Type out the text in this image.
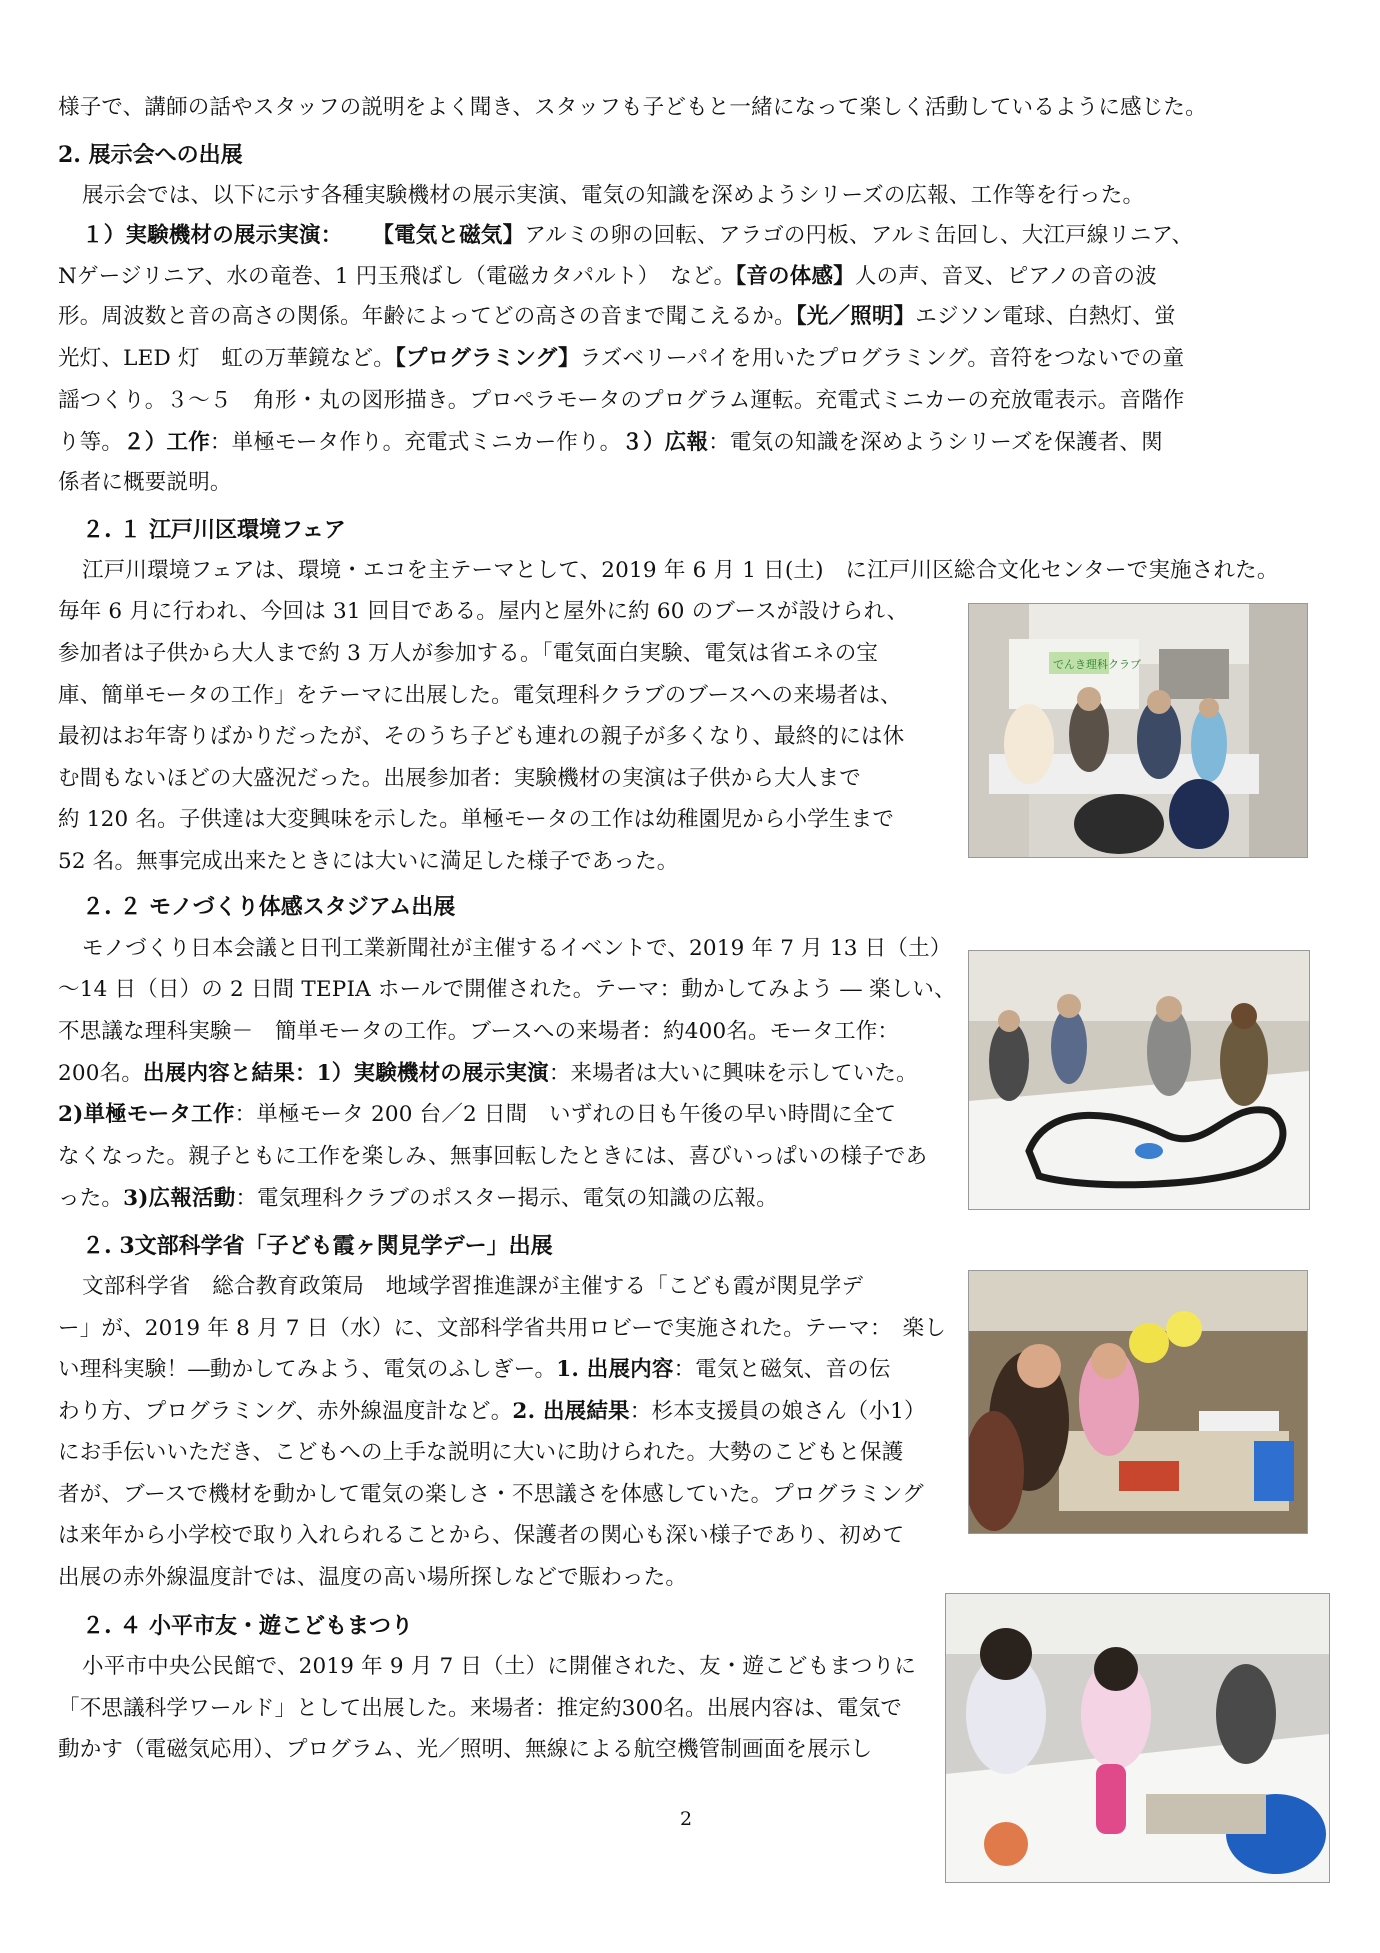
様子で、講師の話やスタッフの説明をよく聞き、スタッフも子どもと一緒になって楽しく活動しているように感じた。
2. 展示会への出展
展示会では、以下に示す各種実験機材の展示実演、電気の知識を深めようシリーズの広報、工作等を行った。
１）実験機材の展示実演： 【電気と磁気】アルミの卵の回転、アラゴの円板、アルミ缶回し、大江戸線リニア、
Nゲージリニア、水の竜巻、1 円玉飛ばし（電磁カタパルト）　など。【音の体感】人の声、音叉、ピアノの音の波
形。周波数と音の高さの関係。年齢によってどの高さの音まで聞こえるか。【光／照明】エジソン電球、白熱灯、蛍
光灯、LED 灯　虹の万華鏡など。【プログラミング】ラズベリーパイを用いたプログラミング。音符をつないでの童
謡つくり。３～５　角形・丸の図形描き。プロペラモータのプログラム運転。充電式ミニカーの充放電表示。音階作
り等。２）工作：単極モータ作り。充電式ミニカー作り。３）広報：電気の知識を深めようシリーズを保護者、関
係者に概要説明。
２. １ 江戸川区環境フェア
江戸川環境フェアは、環境・エコを主テーマとして、2019 年 6 月 1 日(土)　に江戸川区総合文化センターで実施された。
毎年 6 月に行われ、今回は 31 回目である。屋内と屋外に約 60 のブースが設けられ、
参加者は子供から大人まで約 3 万人が参加する。「電気面白実験、電気は省エネの宝
庫、簡単モータの工作」をテーマに出展した。電気理科クラブのブースへの来場者は、
最初はお年寄りばかりだったが、そのうち子ども連れの親子が多くなり、最終的には休
む間もないほどの大盛況だった。出展参加者：実験機材の実演は子供から大人まで
約 120 名。子供達は大変興味を示した。単極モータの工作は幼稚園児から小学生まで
52 名。無事完成出来たときには大いに満足した様子であった。
でんき理科クラブ
２. ２ モノづくり体感スタジアム出展
モノづくり日本会議と日刊工業新聞社が主催するイベントで、2019 年 7 月 13 日（土）
～14 日（日）の 2 日間 TEPIA ホールで開催された。テーマ：動かしてみよう ― 楽しい、
不思議な理科実験－　簡単モータの工作。ブースへの来場者：約400名。モータ工作：
200名。出展内容と結果：1）実験機材の展示実演：来場者は大いに興味を示していた。
2)単極モータ工作：単極モータ 200 台／2 日間　いずれの日も午後の早い時間に全て
なくなった。親子ともに工作を楽しみ、無事回転したときには、喜びいっぱいの様子であ
った。3)広報活動：電気理科クラブのポスター掲示、電気の知識の広報。
２. 3文部科学省「子ども霞ヶ関見学デー」出展
文部科学省　総合教育政策局　地域学習推進課が主催する「こども霞が関見学デ
ー」が、2019 年 8 月 7 日（水）に、文部科学省共用ロビーで実施された。テーマ：　楽し
い理科実験！―動かしてみよう、電気のふしぎー。1. 出展内容：電気と磁気、音の伝
わり方、プログラミング、赤外線温度計など。2. 出展結果：杉本支援員の娘さん（小1）
にお手伝いいただき、こどもへの上手な説明に大いに助けられた。大勢のこどもと保護
者が、ブースで機材を動かして電気の楽しさ・不思議さを体感していた。プログラミング
は来年から小学校で取り入れられることから、保護者の関心も深い様子であり、初めて
出展の赤外線温度計では、温度の高い場所探しなどで賑わった。
２. ４ 小平市友・遊こどもまつり
小平市中央公民館で、2019 年 9 月 7 日（土）に開催された、友・遊こどもまつりに
「不思議科学ワールド」として出展した。来場者：推定約300名。出展内容は、電気で
動かす（電磁気応用）、プログラム、光／照明、無線による航空機管制画面を展示し
2
